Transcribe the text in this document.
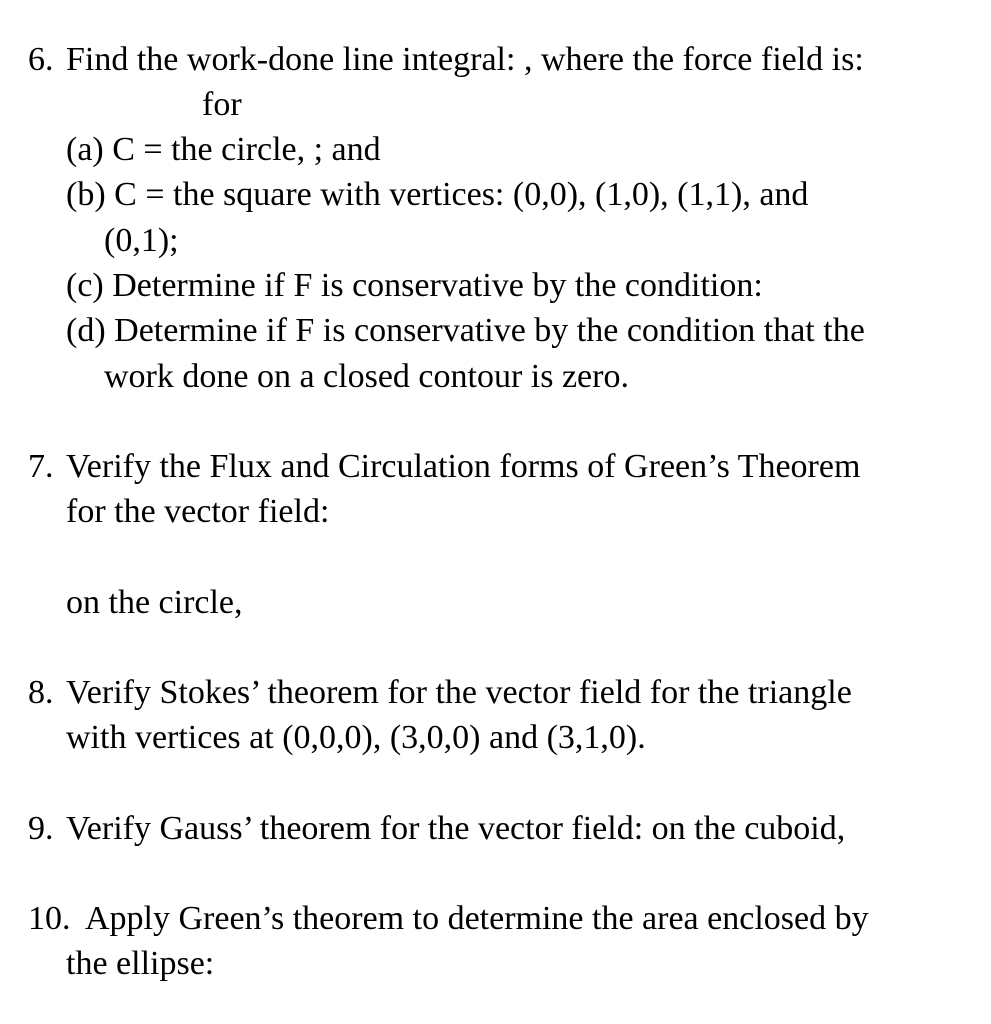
6. Find the work-done line integral: , where the force field is:
for
(a) C = the circle, ; and
(b) C = the square with vertices: (0,0), (1,0), (1,1), and
(0,1);
(c) Determine if F is conservative by the condition:
(d) Determine if F is conservative by the condition that the
work done on a closed contour is zero.
7. Verify the Flux and Circulation forms of Green’s Theorem
for the vector field:
on the circle,
8. Verify Stokes’ theorem for the vector field for the triangle
with vertices at (0,0,0), (3,0,0) and (3,1,0).
9. Verify Gauss’ theorem for the vector field: on the cuboid,
10. Apply Green’s theorem to determine the area enclosed by
the ellipse:
